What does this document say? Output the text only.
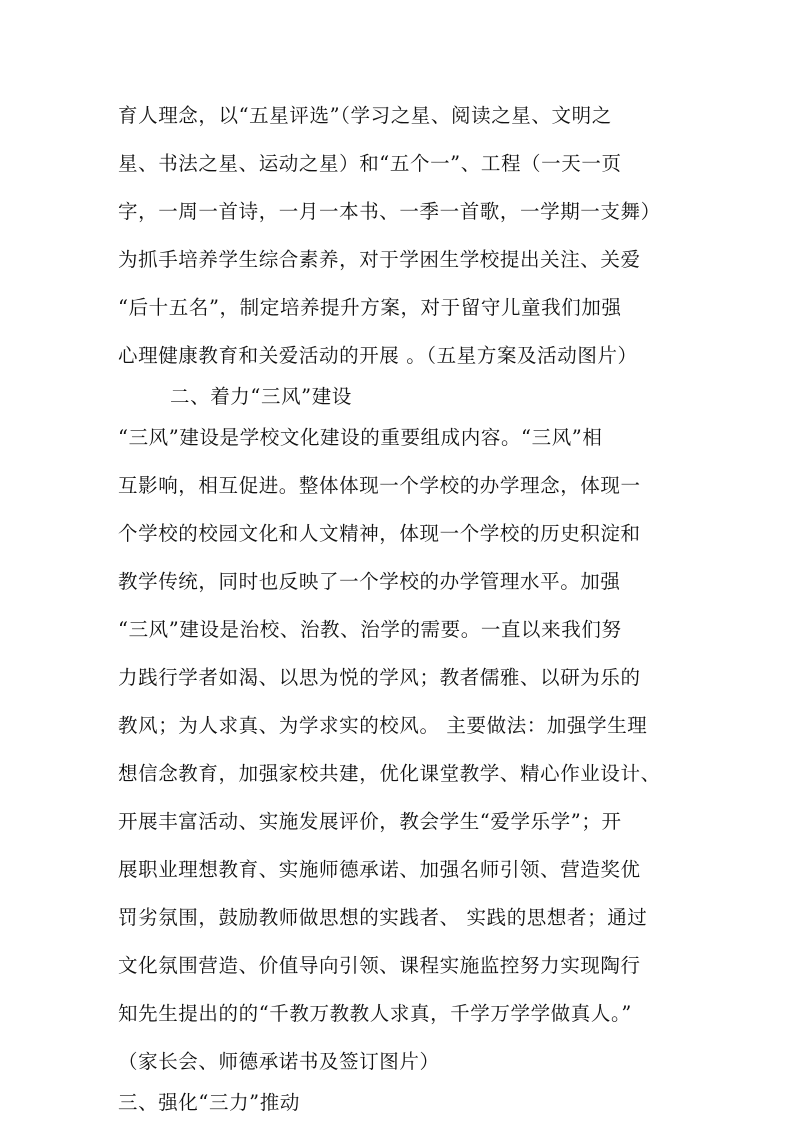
育人理念，以“五星评选”（学习之星、阅读之星、文明之
星、书法之星、运动之星）和“五个一”、工程（一天一页
字，一周一首诗，一月一本书、一季一首歌，一学期一支舞）
为抓手培养学生综合素养，对于学困生学校提出关注、关爱
“后十五名”，制定培养提升方案，对于留守儿童我们加强
心理健康教育和关爱活动的开展 。（五星方案及活动图片）
二、着力“三风”建设
“三风”建设是学校文化建设的重要组成内容。“三风”相
互影响，相互促进。整体体现一个学校的办学理念，体现一
个学校的校园文化和人文精神，体现一个学校的历史积淀和
教学传统，同时也反映了一个学校的办学管理水平。加强
“三风”建设是治校、治教、治学的需要。一直以来我们努
力践行学者如渴、以思为悦的学风；教者儒雅、以研为乐的
教风；为人求真、为学求实的校风。 主要做法：加强学生理
想信念教育，加强家校共建，优化课堂教学、精心作业设计、
开展丰富活动、实施发展评价，教会学生“爱学乐学”；开
展职业理想教育、实施师德承诺、加强名师引领、营造奖优
罚劣氛围，鼓励教师做思想的实践者、 实践的思想者；通过
文化氛围营造、价值导向引领、课程实施监控努力实现陶行
知先生提出的的“千教万教教人求真，千学万学学做真人。”
（家长会、师德承诺书及签订图片）
三、强化“三力”推动
